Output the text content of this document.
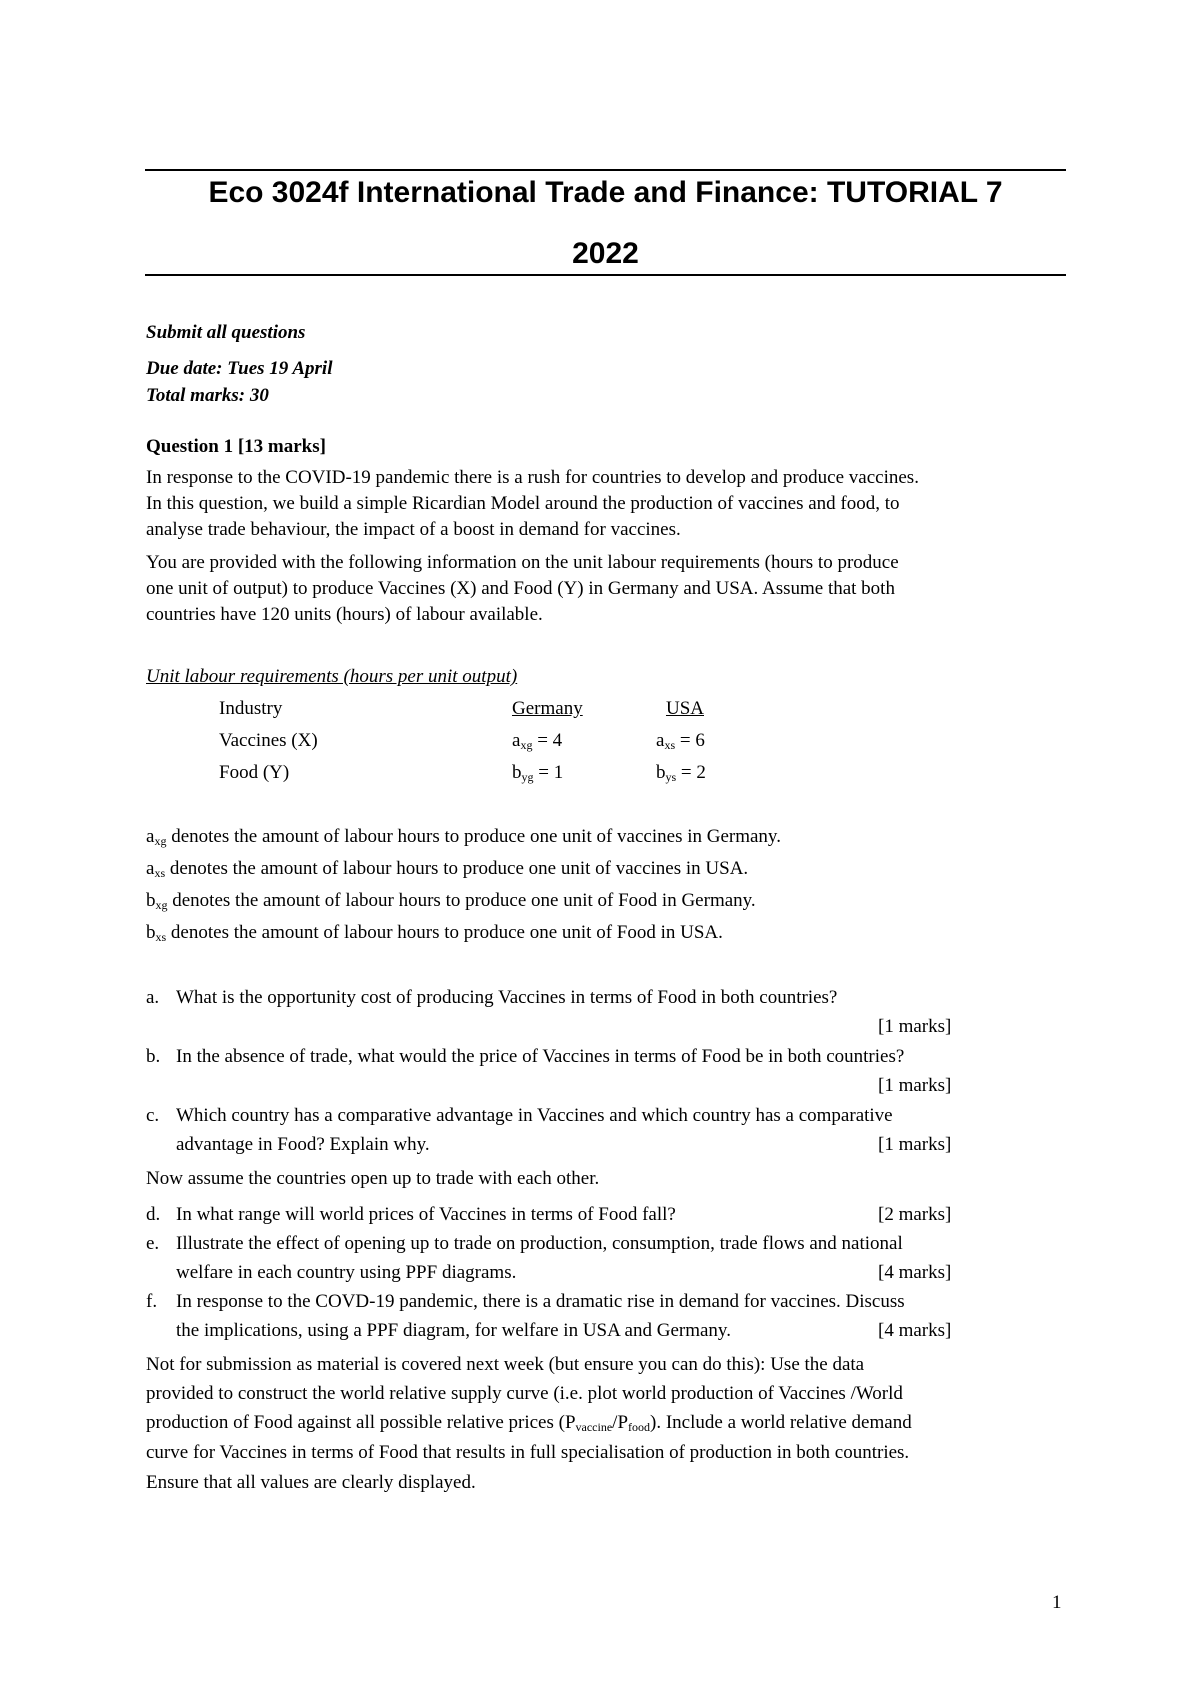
Eco 3024f International Trade and Finance: TUTORIAL 7
2022
Submit all questions
Due date: Tues 19 April
Total marks: 30
Question 1 [13 marks]
In response to the COVID-19 pandemic there is a rush for countries to develop and produce vaccines.
In this question, we build a simple Ricardian Model around the production of vaccines and food, to
analyse trade behaviour, the impact of a boost in demand for vaccines.
You are provided with the following information on the unit labour requirements (hours to produce
one unit of output) to produce Vaccines (X) and Food (Y) in Germany and USA. Assume that both
countries have 120 units (hours) of labour available.
Unit labour requirements (hours per unit output)
Industry	Germany	USA
Vaccines (X)	$a_{xg} = 4$	$a_{xs} = 6$
Food (Y)	$b_{yg} = 1$	$b_{ys} = 2$
$a_{xg}$ denotes the amount of labour hours to produce one unit of vaccines in Germany.
$a_{xs}$ denotes the amount of labour hours to produce one unit of vaccines in USA.
$b_{xg}$ denotes the amount of labour hours to produce one unit of Food in Germany.
$b_{xs}$ denotes the amount of labour hours to produce one unit of Food in USA.
a. What is the opportunity cost of producing Vaccines in terms of Food in both countries?
[1 marks]
b. In the absence of trade, what would the price of Vaccines in terms of Food be in both countries?
[1 marks]
c. Which country has a comparative advantage in Vaccines and which country has a comparative
advantage in Food? Explain why.	[1 marks]
Now assume the countries open up to trade with each other.
d. In what range will world prices of Vaccines in terms of Food fall?	[2 marks]
e. Illustrate the effect of opening up to trade on production, consumption, trade flows and national
welfare in each country using PPF diagrams.	[4 marks]
f. In response to the COVD-19 pandemic, there is a dramatic rise in demand for vaccines. Discuss
the implications, using a PPF diagram, for welfare in USA and Germany.	[4 marks]
Not for submission as material is covered next week (but ensure you can do this): Use the data
provided to construct the world relative supply curve (i.e. plot world production of Vaccines /World
production of Food against all possible relative prices $(P_{vaccine}/P_{food})$. Include a world relative demand
curve for Vaccines in terms of Food that results in full specialisation of production in both countries.
Ensure that all values are clearly displayed.
1
